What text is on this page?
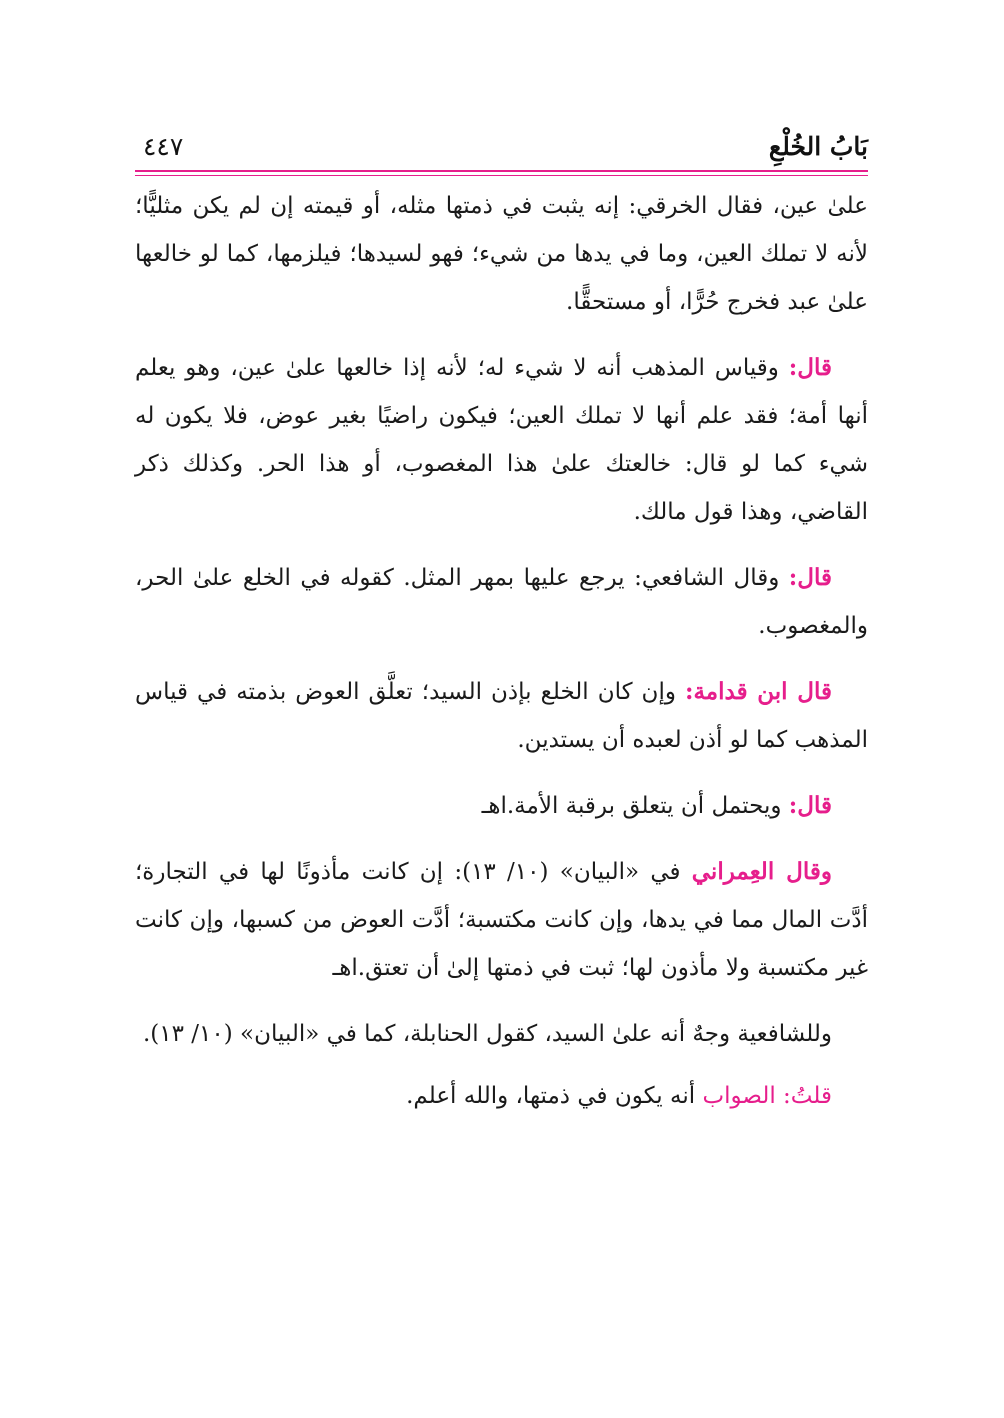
بَابُ الخُلْعِ
٤٤٧

علىٰ عين، فقال الخرقي: إنه يثبت في ذمتها مثله، أو قيمته إن لم يكن مثليًّا؛ لأنه لا تملك العين، وما في يدها من شيء؛ فهو لسيدها؛ فيلزمها، كما لو خالعها علىٰ عبد فخرج حُرًّا، أو مستحقًّا.

قال: وقياس المذهب أنه لا شيء له؛ لأنه إذا خالعها علىٰ عين، وهو يعلم أنها أمة؛ فقد علم أنها لا تملك العين؛ فيكون راضيًا بغير عوض، فلا يكون له شيء كما لو قال: خالعتك علىٰ هذا المغصوب، أو هذا الحر. وكذلك ذكر القاضي، وهذا قول مالك.

قال: وقال الشافعي: يرجع عليها بمهر المثل. كقوله في الخلع علىٰ الحر، والمغصوب.

قال ابن قدامة: وإن كان الخلع بإذن السيد؛ تعلَّق العوض بذمته في قياس المذهب كما لو أذن لعبده أن يستدين.

قال: ويحتمل أن يتعلق برقبة الأمة.اهـ

وقال العِمراني في «البيان» (١٠/ ١٣): إن كانت مأذونًا لها في التجارة؛ أدَّت المال مما في يدها، وإن كانت مكتسبة؛ أدَّت العوض من كسبها، وإن كانت غير مكتسبة ولا مأذون لها؛ ثبت في ذمتها إلىٰ أن تعتق.اهـ

وللشافعية وجهٌ أنه علىٰ السيد، كقول الحنابلة، كما في «البيان» (١٠/ ١٣).

قلتُ: الصواب أنه يكون في ذمتها، والله أعلم.
